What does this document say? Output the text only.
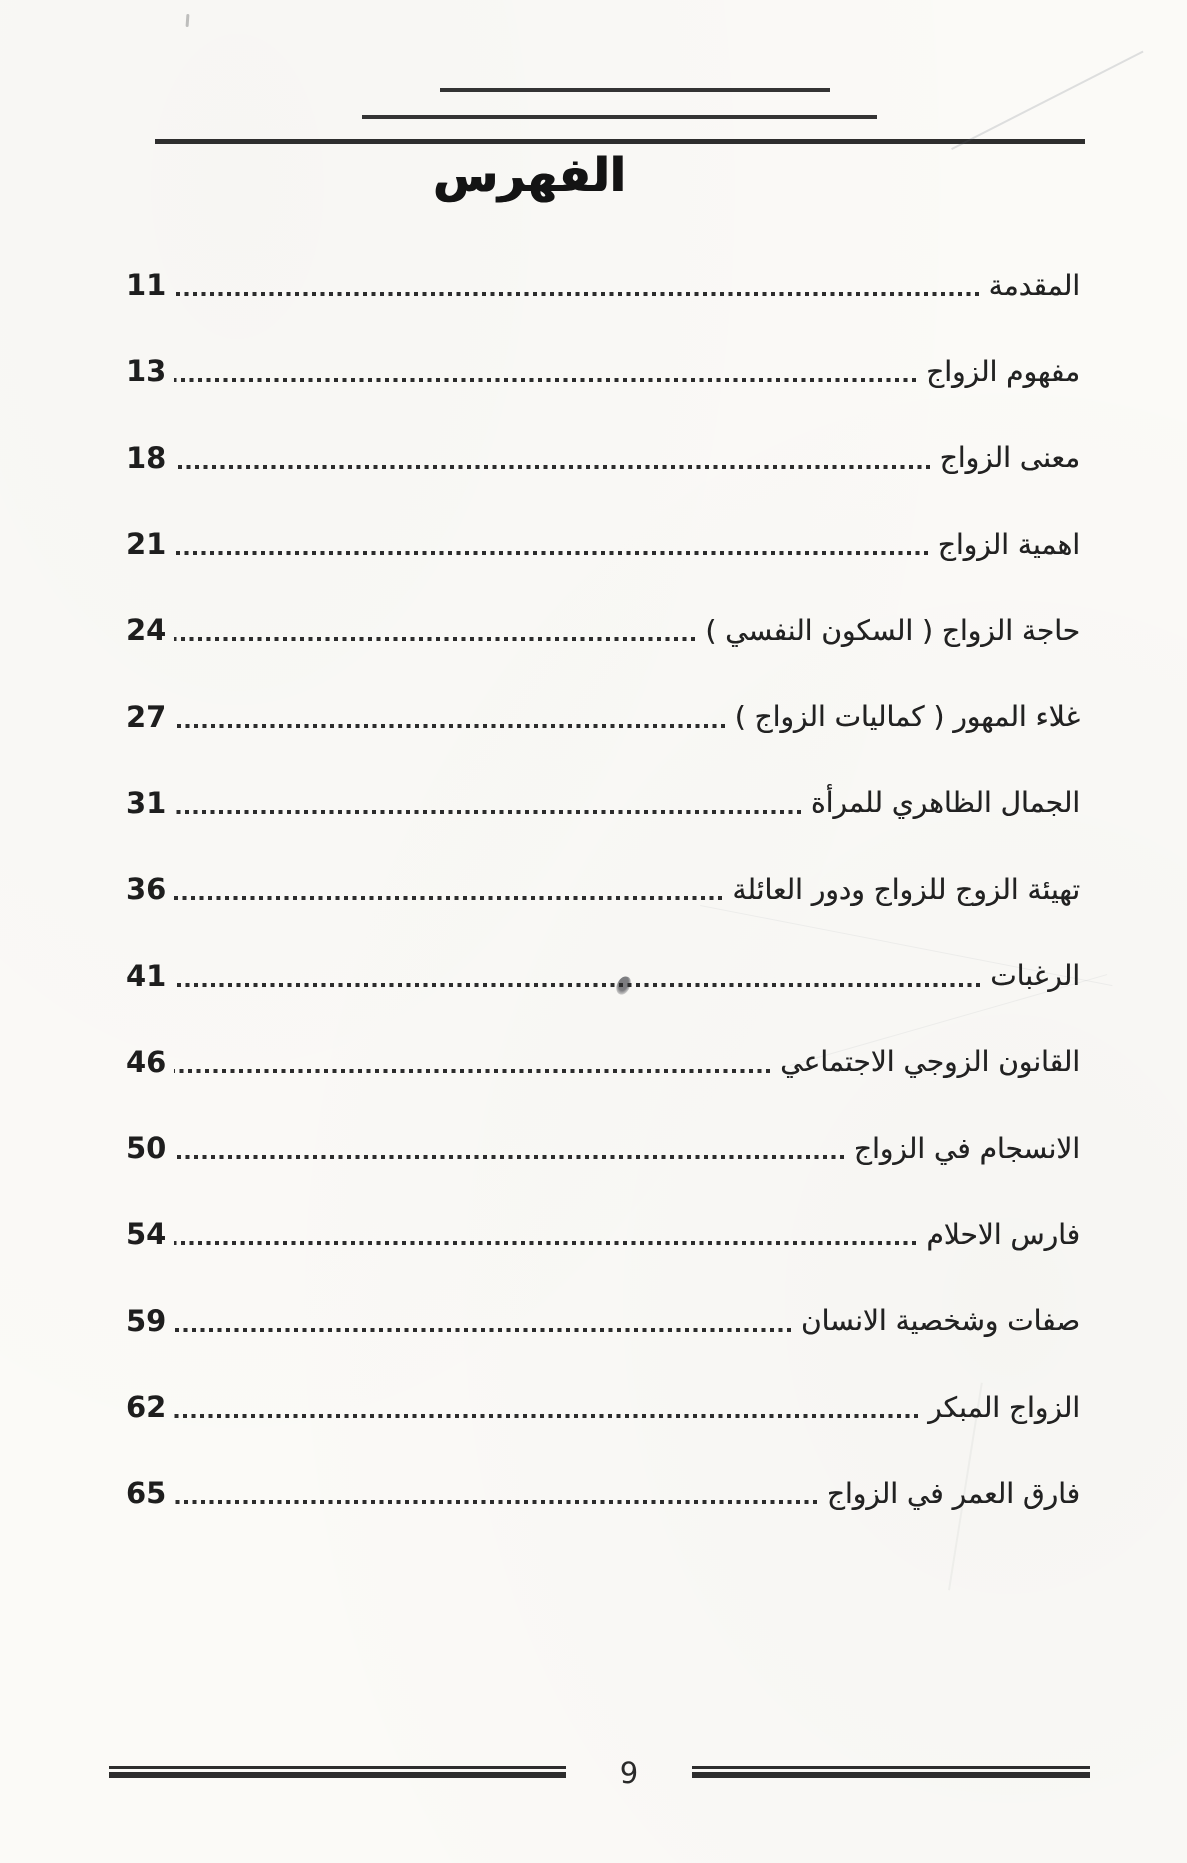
الفهرس
المقدمة
11
مفهوم الزواج
13
معنى الزواج
18
اهمية الزواج
21
حاجة الزواج ( السكون النفسي )
24
غلاء المهور ( كماليات الزواج )
27
الجمال الظاهري للمرأة
31
تهيئة الزوج للزواج ودور العائلة
36
الرغبات
41
القانون الزوجي الاجتماعي
46
الانسجام في الزواج
50
فارس الاحلام
54
صفات وشخصية الانسان
59
الزواج المبكر
62
فارق العمر في الزواج
65
9
